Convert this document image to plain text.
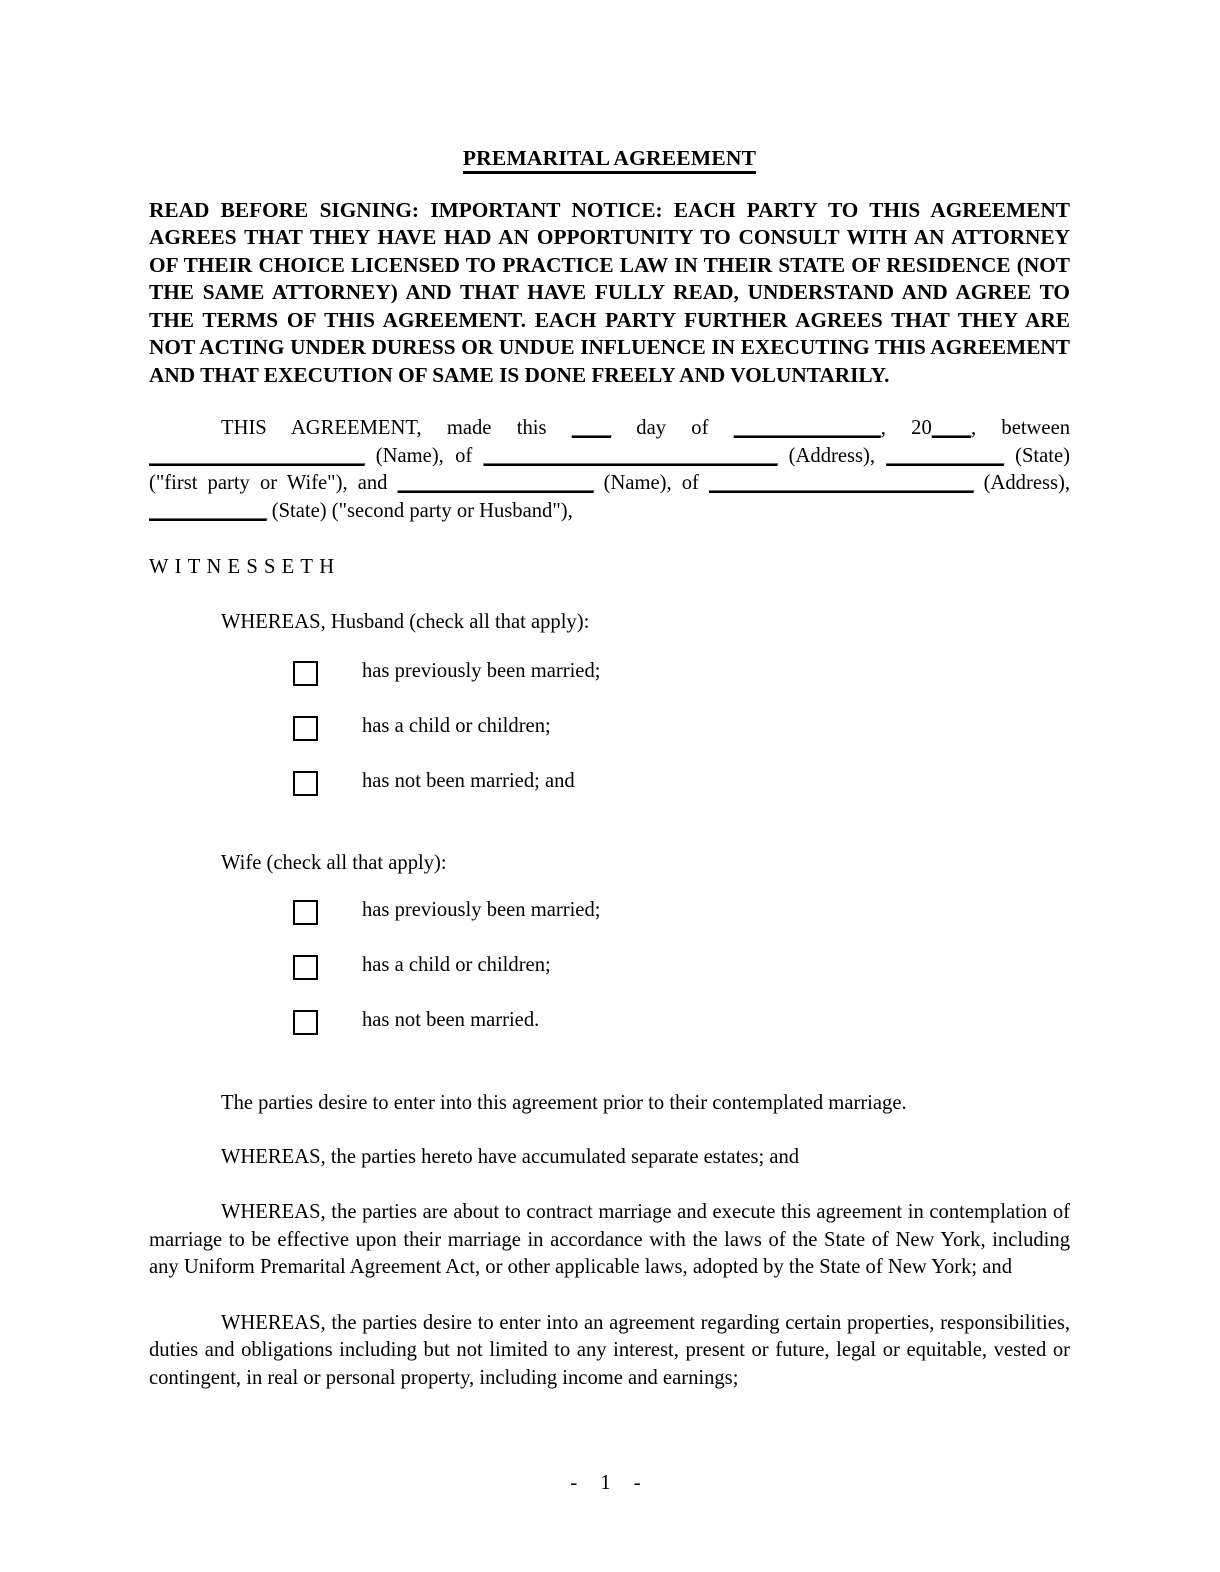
PREMARITAL AGREEMENT

READ BEFORE SIGNING: IMPORTANT NOTICE: EACH PARTY TO THIS AGREEMENT AGREES THAT THEY HAVE HAD AN OPPORTUNITY TO CONSULT WITH AN ATTORNEY OF THEIR CHOICE LICENSED TO PRACTICE LAW IN THEIR STATE OF RESIDENCE (NOT THE SAME ATTORNEY) AND THAT HAVE FULLY READ, UNDERSTAND AND AGREE TO THE TERMS OF THIS AGREEMENT. EACH PARTY FURTHER AGREES THAT THEY ARE NOT ACTING UNDER DURESS OR UNDUE INFLUENCE IN EXECUTING THIS AGREEMENT AND THAT EXECUTION OF SAME IS DONE FREELY AND VOLUNTARILY.

THIS AGREEMENT, made this ____ day of _______________, 20____, between ______________________ (Name), of ______________________________ (Address), ____________ (State) ("first party or Wife"), and ____________________ (Name), of ___________________________ (Address), ____________ (State) ("second party or Husband"),

WITNESSETH

WHEREAS, Husband (check all that apply):

has previously been married;
has a child or children;
has not been married; and

Wife (check all that apply):

has previously been married;
has a child or children;
has not been married.

The parties desire to enter into this agreement prior to their contemplated marriage.

WHEREAS, the parties hereto have accumulated separate estates; and

WHEREAS, the parties are about to contract marriage and execute this agreement in contemplation of marriage to be effective upon their marriage in accordance with the laws of the State of New York, including any Uniform Premarital Agreement Act, or other applicable laws, adopted by the State of New York; and

WHEREAS, the parties desire to enter into an agreement regarding certain properties, responsibilities, duties and obligations including but not limited to any interest, present or future, legal or equitable, vested or contingent, in real or personal property, including income and earnings;

- 1 -
